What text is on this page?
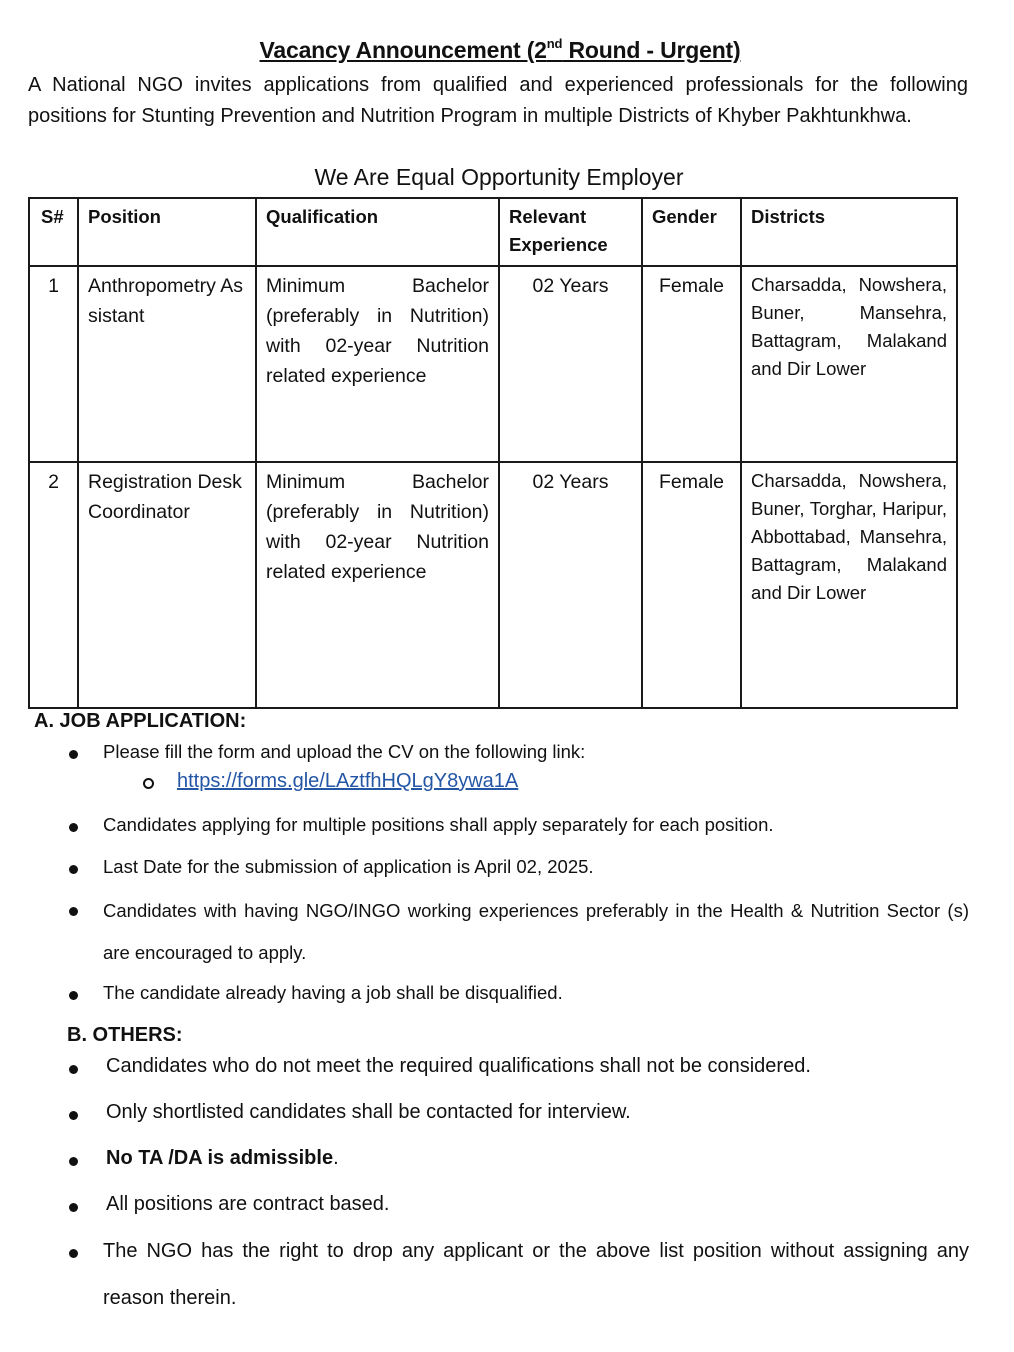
Vacancy Announcement (2nd Round - Urgent)
A National NGO invites applications from qualified and experienced professionals for the following positions for Stunting Prevention and Nutrition Program in multiple Districts of Khyber Pakhtunkhwa.
We Are Equal Opportunity Employer
S#	Position	Qualification	Relevant Experience	Gender	Districts
1	Anthropometry Assistant	Minimum Bachelor (preferably in Nutrition) with 02-year Nutrition related experience	02 Years	Female	Charsadda, Nowshera, Buner, Mansehra, Battagram, Malakand and Dir Lower
2	Registration Desk Coordinator	Minimum Bachelor (preferably in Nutrition) with 02-year Nutrition related experience	02 Years	Female	Charsadda, Nowshera, Buner, Torghar, Haripur, Abbottabad, Mansehra, Battagram, Malakand and Dir Lower
A. JOB APPLICATION:
Please fill the form and upload the CV on the following link:
https://forms.gle/LAztfhHQLgY8ywa1A
Candidates applying for multiple positions shall apply separately for each position.
Last Date for the submission of application is April 02, 2025.
Candidates with having NGO/INGO working experiences preferably in the Health & Nutrition Sector (s) are encouraged to apply.
The candidate already having a job shall be disqualified.
B. OTHERS:
Candidates who do not meet the required qualifications shall not be considered.
Only shortlisted candidates shall be contacted for interview.
No TA /DA is admissible.
All positions are contract based.
The NGO has the right to drop any applicant or the above list position without assigning any reason therein.
